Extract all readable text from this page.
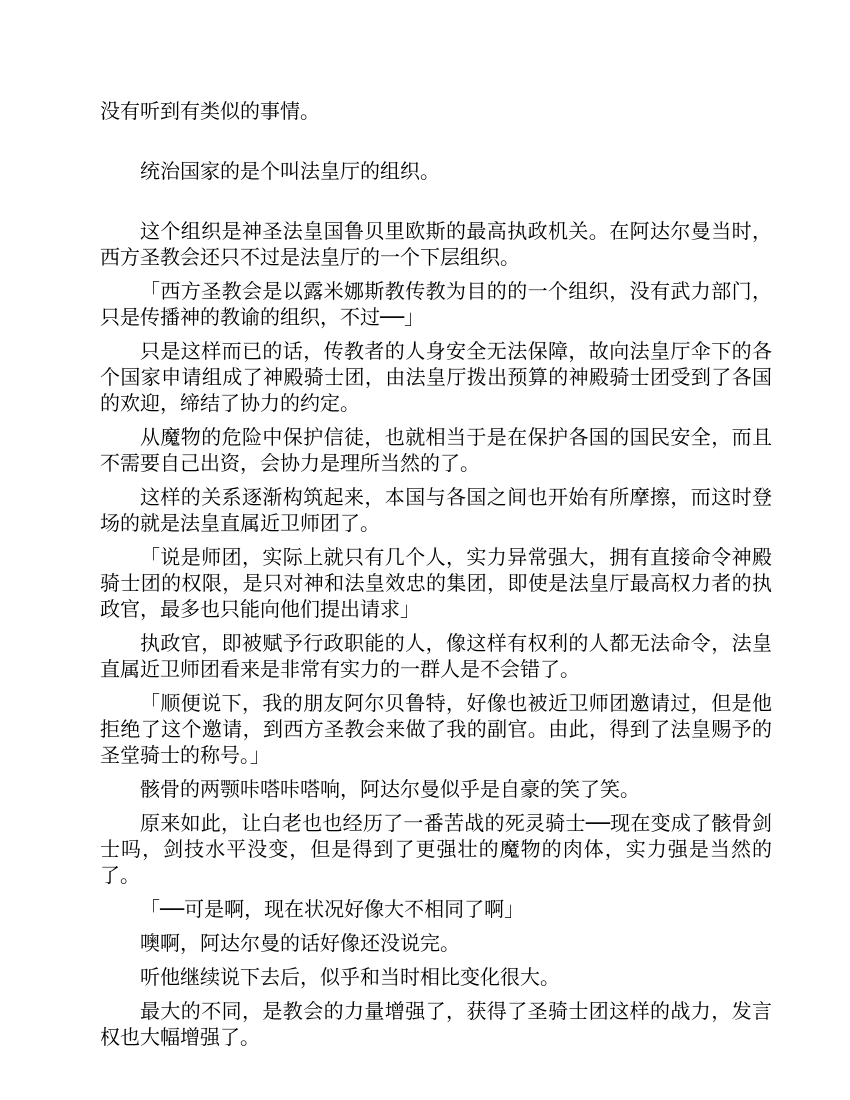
没有听到有类似的事情。

统治国家的是个叫法皇厅的组织。

这个组织是神圣法皇国鲁贝里欧斯的最高执政机关。在阿达尔曼当时，西方圣教会还只不过是法皇厅的一个下层组织。

「西方圣教会是以露米娜斯教传教为目的的一个组织，没有武力部门，只是传播神的教谕的组织，不过──」

只是这样而已的话，传教者的人身安全无法保障，故向法皇厅伞下的各个国家申请组成了神殿骑士团，由法皇厅拨出预算的神殿骑士团受到了各国的欢迎，缔结了协力的约定。

从魔物的危险中保护信徒，也就相当于是在保护各国的国民安全，而且不需要自己出资，会协力是理所当然的了。

这样的关系逐渐构筑起来，本国与各国之间也开始有所摩擦，而这时登场的就是法皇直属近卫师团了。

「说是师团，实际上就只有几个人，实力异常强大，拥有直接命令神殿骑士团的权限，是只对神和法皇效忠的集团，即使是法皇厅最高权力者的执政官，最多也只能向他们提出请求」

执政官，即被赋予行政职能的人，像这样有权利的人都无法命令，法皇直属近卫师团看来是非常有实力的一群人是不会错了。

「顺便说下，我的朋友阿尔贝鲁特，好像也被近卫师团邀请过，但是他拒绝了这个邀请，到西方圣教会来做了我的副官。由此，得到了法皇赐予的圣堂骑士的称号。」

骸骨的两颚咔嗒咔嗒响，阿达尔曼似乎是自豪的笑了笑。

原来如此，让白老也也经历了一番苦战的死灵骑士──现在变成了骸骨剑士吗，剑技水平没变，但是得到了更强壮的魔物的肉体，实力强是当然的了。

「──可是啊，现在状况好像大不相同了啊」

噢啊，阿达尔曼的话好像还没说完。

听他继续说下去后，似乎和当时相比变化很大。

最大的不同，是教会的力量增强了，获得了圣骑士团这样的战力，发言权也大幅增强了。
